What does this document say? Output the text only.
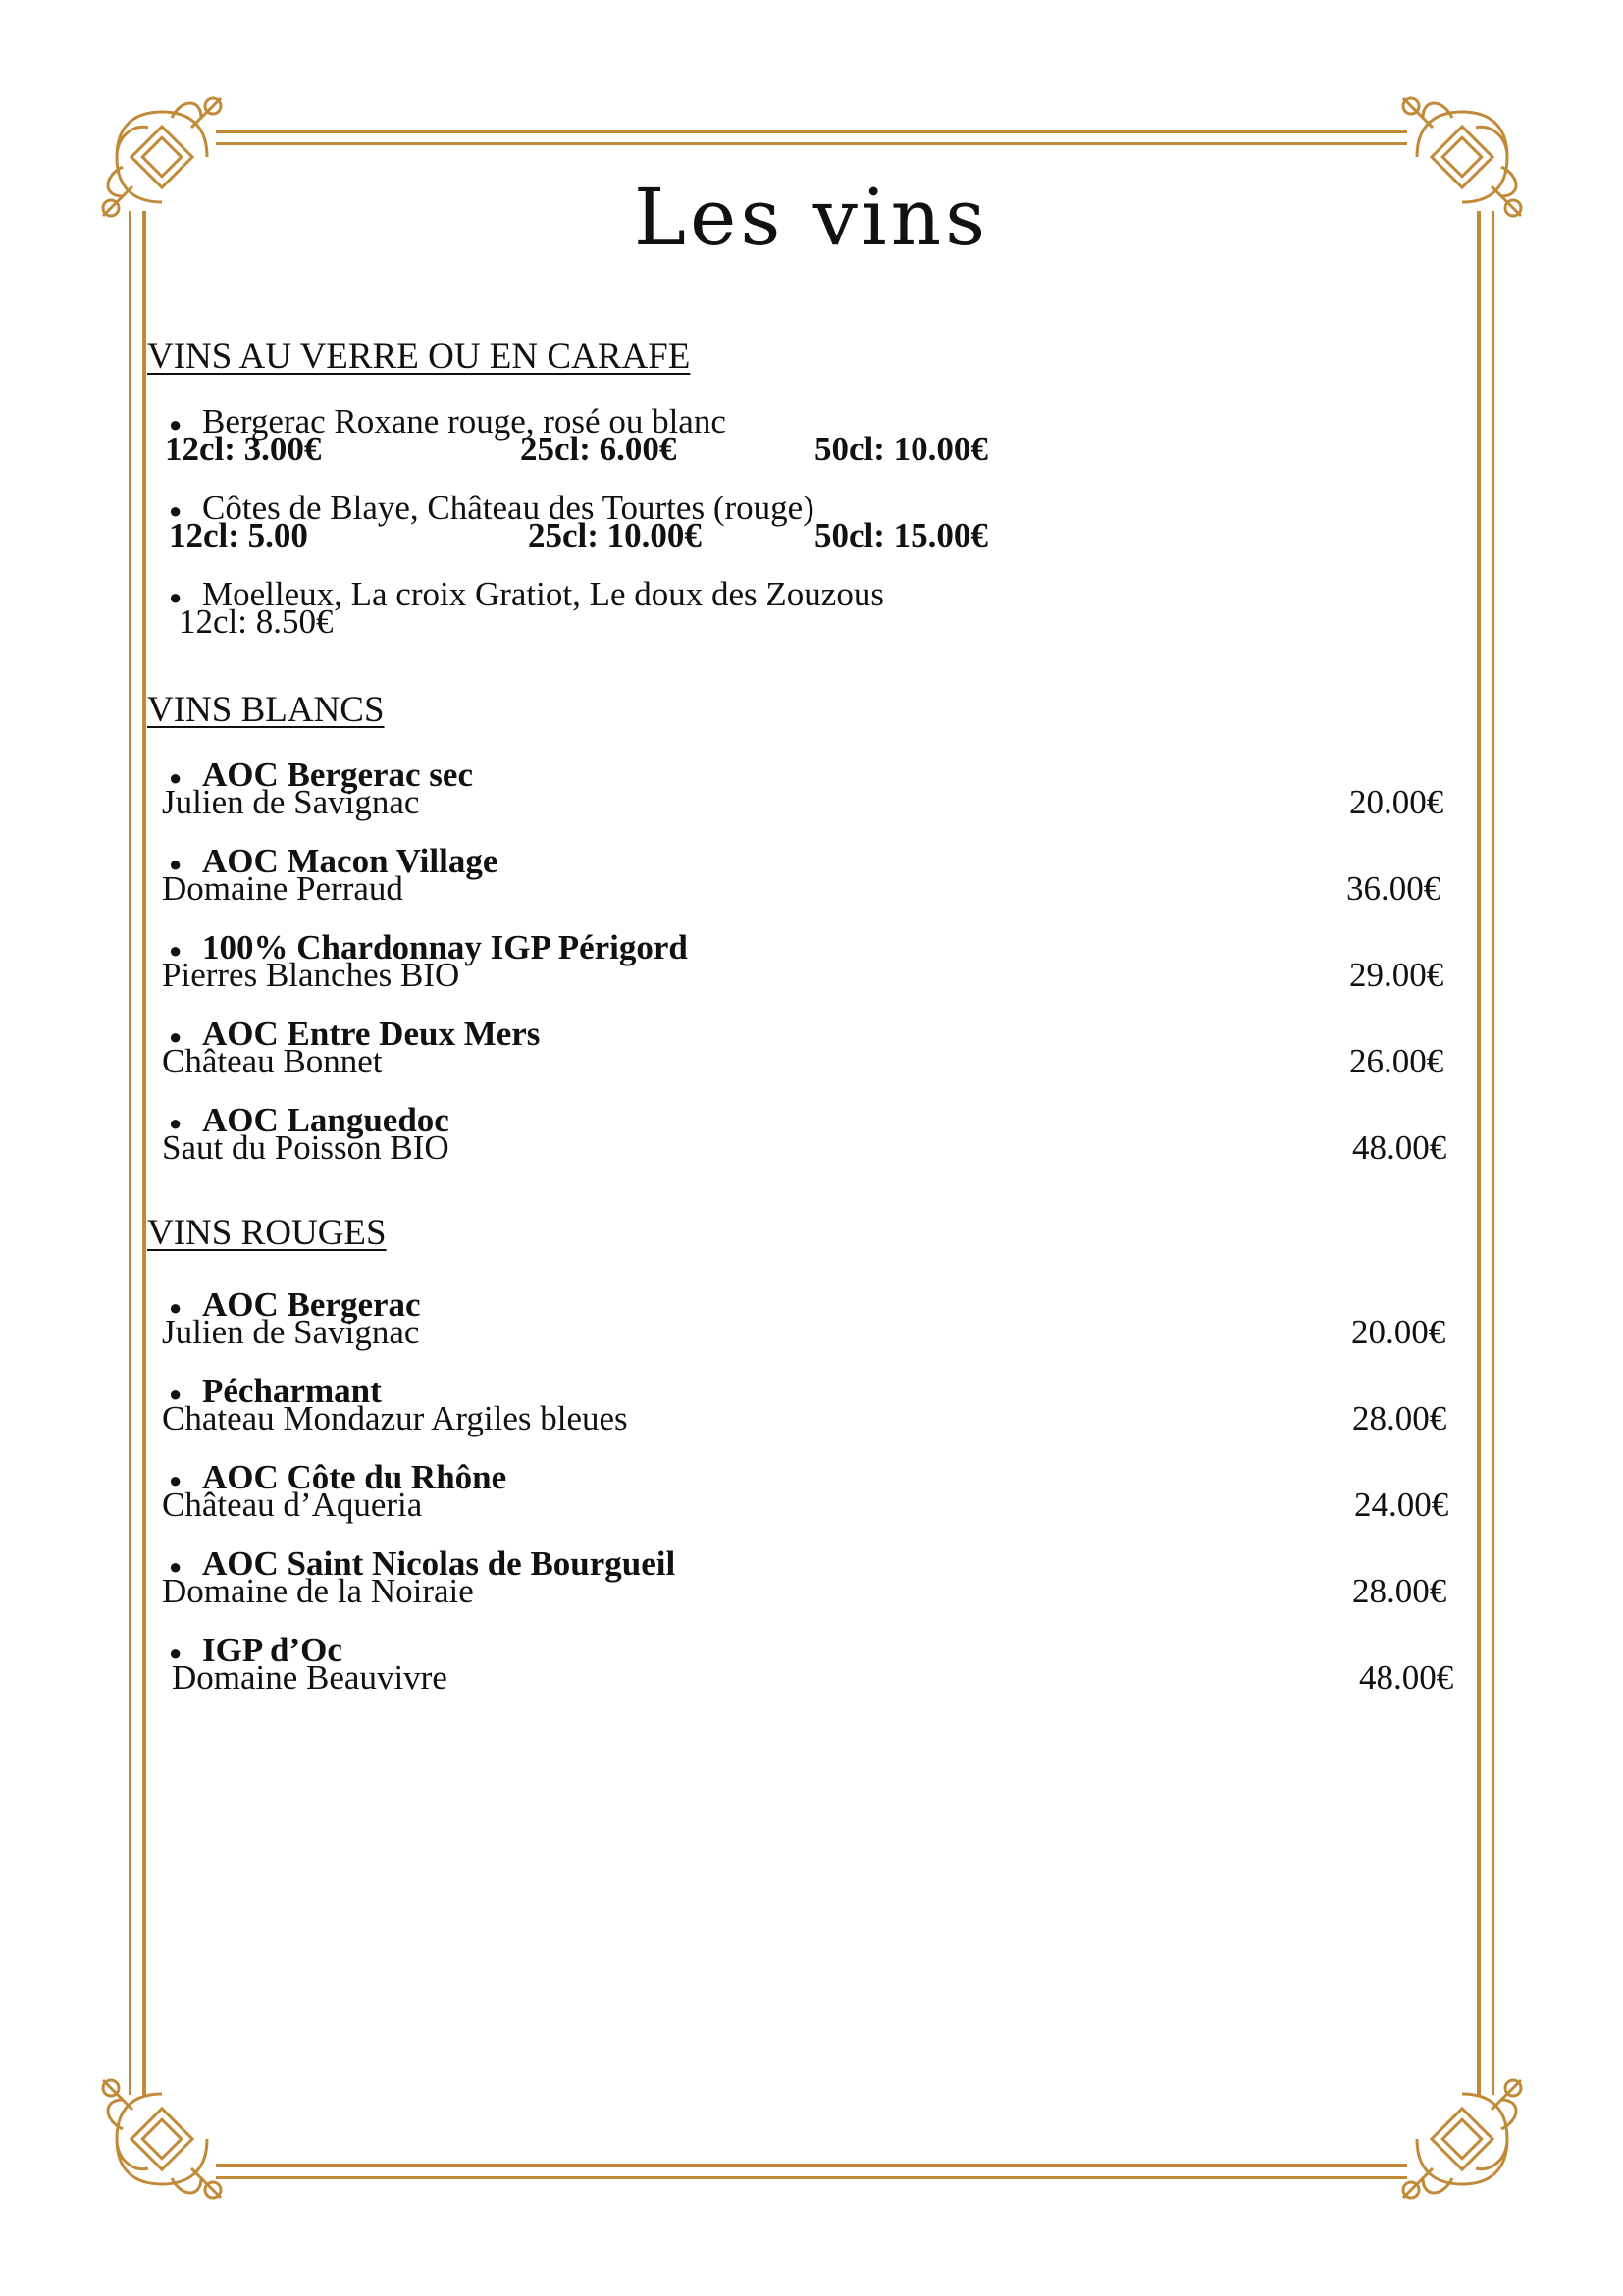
Les vins
VINS AU VERRE OU EN CARAFE
● Bergerac Roxane rouge, rosé ou blanc
12cl: 3.00€	25cl: 6.00€	50cl: 10.00€
● Côtes de Blaye, Château des Tourtes (rouge)
12cl: 5.00	25cl: 10.00€	50cl: 15.00€
● Moelleux, La croix Gratiot, Le doux des Zouzous
12cl: 8.50€
VINS BLANCS
● AOC Bergerac sec
Julien de Savignac	20.00€
● AOC Macon Village
Domaine Perraud	36.00€
● 100% Chardonnay IGP Périgord
Pierres Blanches BIO	29.00€
● AOC Entre Deux Mers
Château Bonnet	26.00€
● AOC Languedoc
Saut du Poisson BIO	48.00€
VINS ROUGES
● AOC Bergerac
Julien de Savignac	20.00€
● Pécharmant
Chateau Mondazur Argiles bleues	28.00€
● AOC Côte du Rhône
Château d’Aqueria	24.00€
● AOC Saint Nicolas de Bourgueil
Domaine de la Noiraie	28.00€
● IGP d’Oc
Domaine Beauvivre	48.00€
